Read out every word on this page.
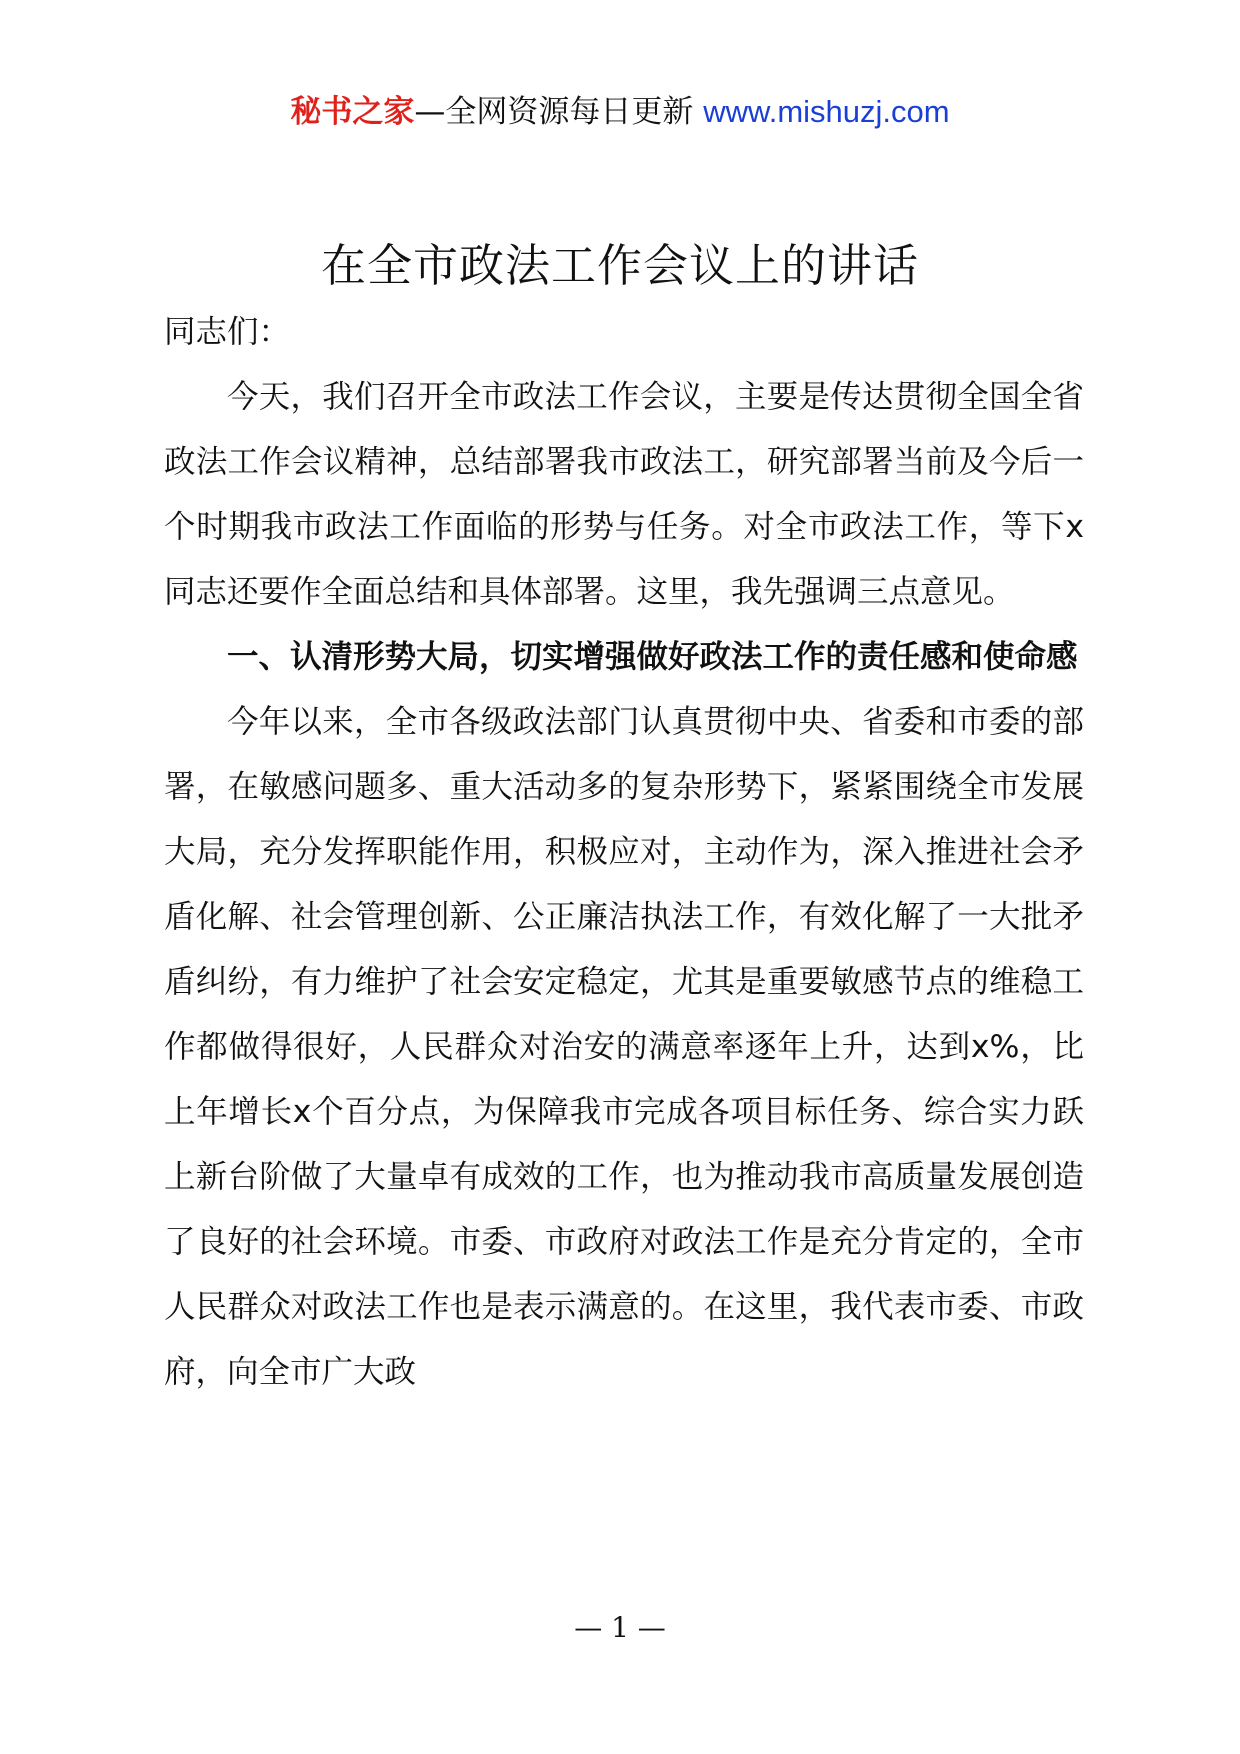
秘书之家—全网资源每日更新 www.mishuzj.com
在全市政法工作会议上的讲话

同志们：

今天，我们召开全市政法工作会议，主要是传达贯彻全国全省政法工作会议精神，总结部署我市政法工，研究部署当前及今后一个时期我市政法工作面临的形势与任务。对全市政法工作，等下x同志还要作全面总结和具体部署。这里，我先强调三点意见。

一、认清形势大局，切实增强做好政法工作的责任感和使命感

今年以来，全市各级政法部门认真贯彻中央、省委和市委的部署，在敏感问题多、重大活动多的复杂形势下，紧紧围绕全市发展大局，充分发挥职能作用，积极应对，主动作为，深入推进社会矛盾化解、社会管理创新、公正廉洁执法工作，有效化解了一大批矛盾纠纷，有力维护了社会安定稳定，尤其是重要敏感节点的维稳工作都做得很好，人民群众对治安的满意率逐年上升，达到x%，比上年增长x个百分点，为保障我市完成各项目标任务、综合实力跃上新台阶做了大量卓有成效的工作，也为推动我市高质量发展创造了良好的社会环境。市委、市政府对政法工作是充分肯定的，全市人民群众对政法工作也是表示满意的。在这里，我代表市委、市政府，向全市广大政

— 1 —
